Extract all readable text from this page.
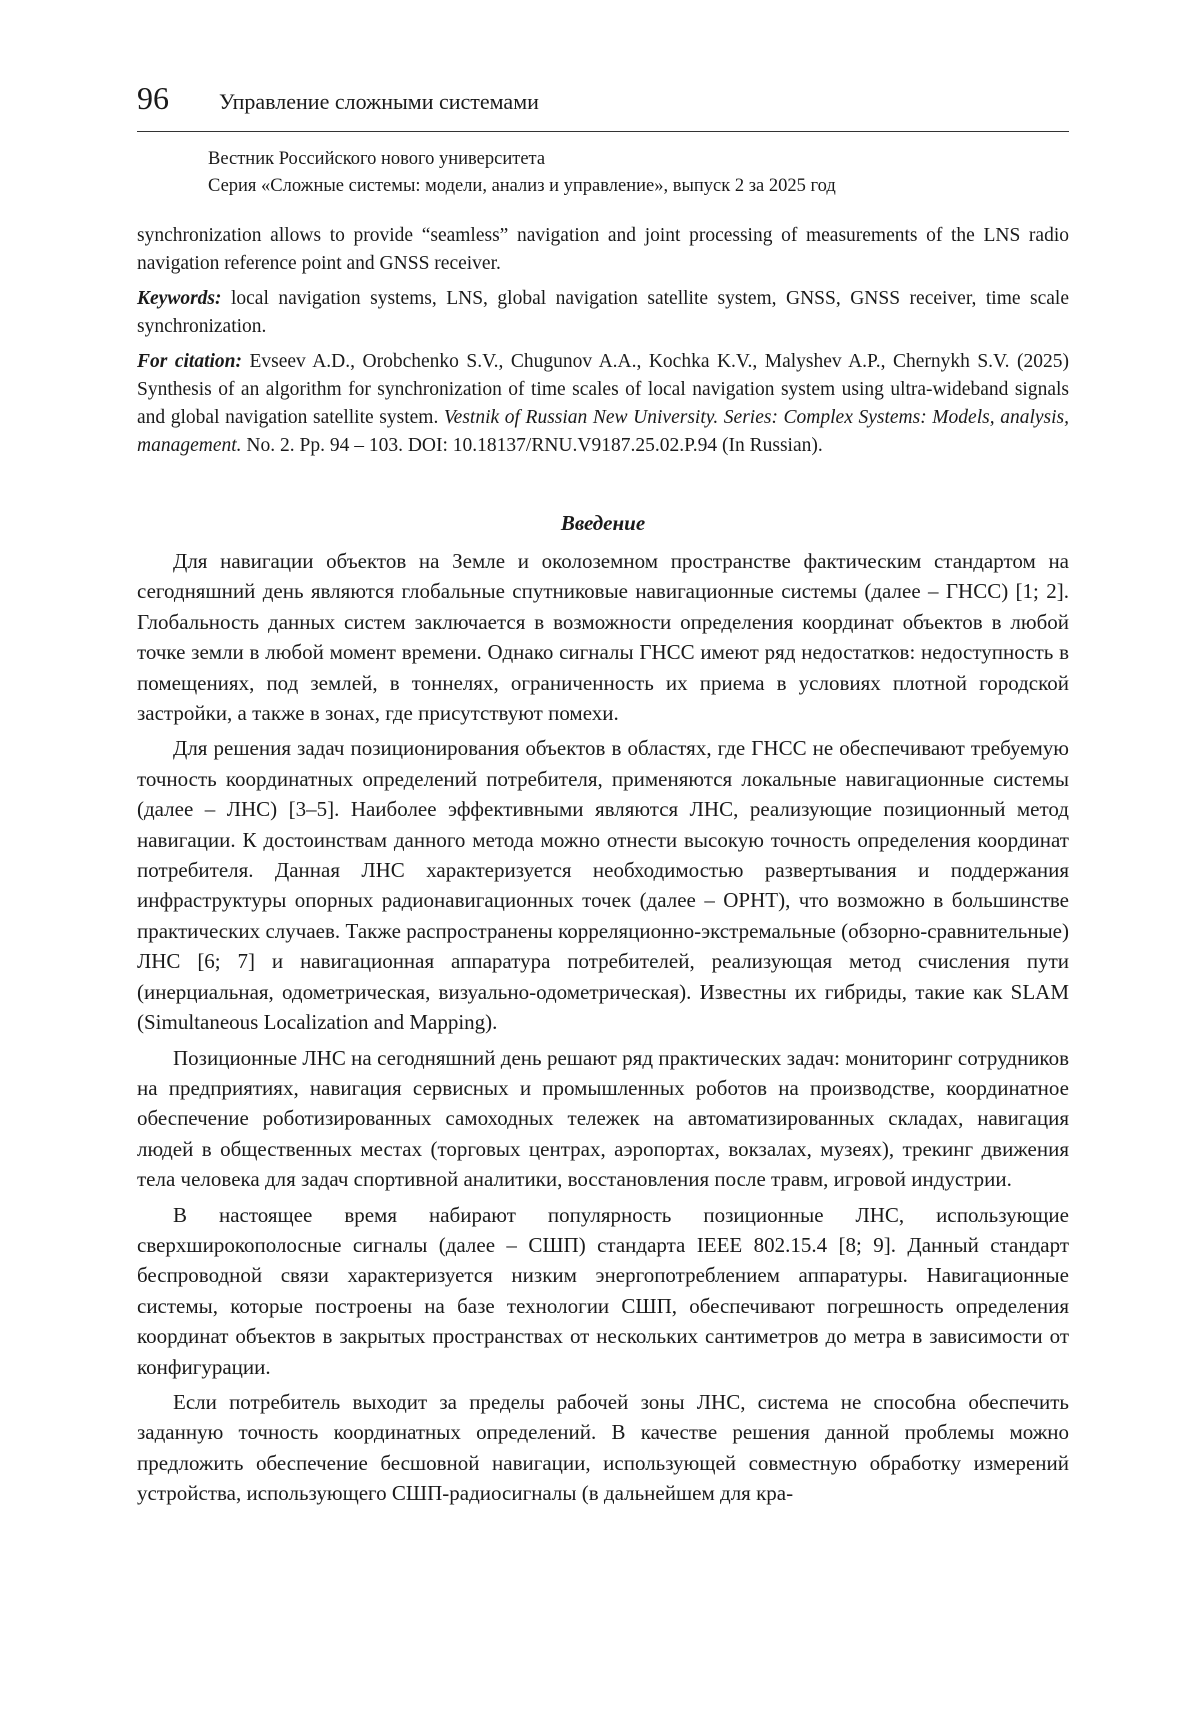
96	Управление сложными системами
Вестник Российского нового университета
Серия «Сложные системы: модели, анализ и управление», выпуск 2 за 2025 год

synchronization allows to provide “seamless” navigation and joint processing of measurements of the LNS radio navigation reference point and GNSS receiver.

Keywords: local navigation systems, LNS, global navigation satellite system, GNSS, GNSS receiver, time scale synchronization.

For citation: Evseev A.D., Orobchenko S.V., Chugunov A.A., Kochka K.V., Malyshev A.P., Chernykh S.V. (2025) Synthesis of an algorithm for synchronization of time scales of local navigation system using ultra-wideband signals and global navigation satellite system. Vestnik of Russian New University. Series: Complex Systems: Models, analysis, management. No. 2. Pp. 94 – 103. DOI: 10.18137/RNU.V9187.25.02.P.94 (In Russian).

Введение

Для навигации объектов на Земле и околоземном пространстве фактическим стандартом на сегодняшний день являются глобальные спутниковые навигационные системы (далее – ГНСС) [1; 2]. Глобальность данных систем заключается в возможности определения координат объектов в любой точке земли в любой момент времени. Однако сигналы ГНСС имеют ряд недостатков: недоступность в помещениях, под землей, в тоннелях, ограниченность их приема в условиях плотной городской застройки, а также в зонах, где присутствуют помехи.

Для решения задач позиционирования объектов в областях, где ГНСС не обеспечивают требуемую точность координатных определений потребителя, применяются локальные навигационные системы (далее – ЛНС) [3–5]. Наиболее эффективными являются ЛНС, реализующие позиционный метод навигации. К достоинствам данного метода можно отнести высокую точность определения координат потребителя. Данная ЛНС характеризуется необходимостью развертывания и поддержания инфраструктуры опорных радионавигационных точек (далее – ОРНТ), что возможно в большинстве практических случаев. Также распространены корреляционно-экстремальные (обзорно-сравнительные) ЛНС [6; 7] и навигационная аппаратура потребителей, реализующая метод счисления пути (инерциальная, одометрическая, визуально-одометрическая). Известны их гибриды, такие как SLAM (Simultaneous Localization and Mapping).

Позиционные ЛНС на сегодняшний день решают ряд практических задач: мониторинг сотрудников на предприятиях, навигация сервисных и промышленных роботов на производстве, координатное обеспечение роботизированных самоходных тележек на автоматизированных складах, навигация людей в общественных местах (торговых центрах, аэропортах, вокзалах, музеях), трекинг движения тела человека для задач спортивной аналитики, восстановления после травм, игровой индустрии.

В настоящее время набирают популярность позиционные ЛНС, использующие сверхширокополосные сигналы (далее – СШП) стандарта IEEE 802.15.4 [8; 9]. Данный стандарт беспроводной связи характеризуется низким энергопотреблением аппаратуры. Навигационные системы, которые построены на базе технологии СШП, обеспечивают погрешность определения координат объектов в закрытых пространствах от нескольких сантиметров до метра в зависимости от конфигурации.

Если потребитель выходит за пределы рабочей зоны ЛНС, система не способна обеспечить заданную точность координатных определений. В качестве решения данной проблемы можно предложить обеспечение бесшовной навигации, использующей совместную обработку измерений устройства, использующего СШП-радиосигналы (в дальнейшем для кра-
